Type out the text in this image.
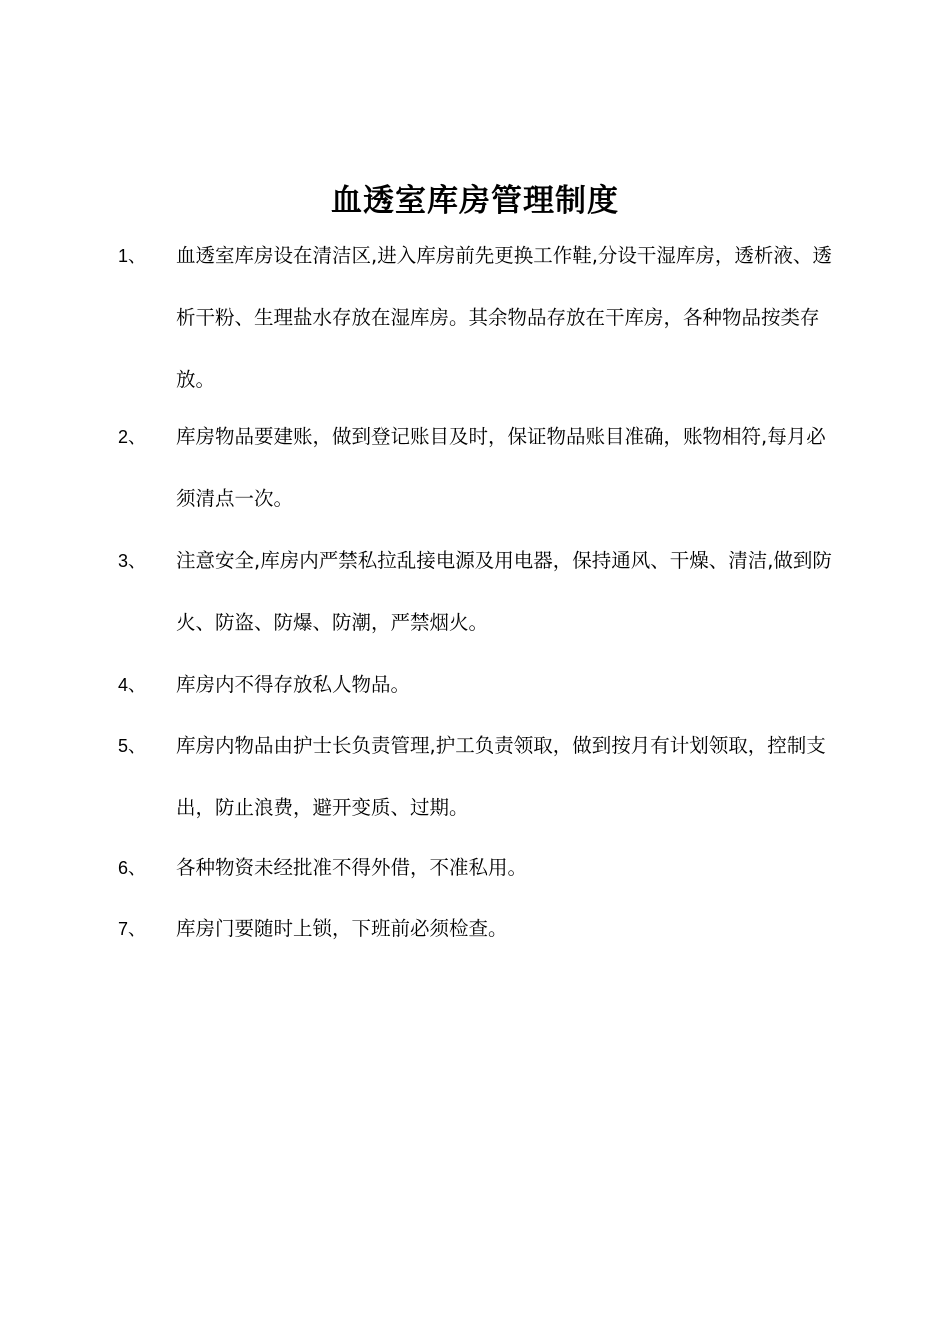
血透室库房管理制度
1、 血透室库房设在清洁区,进入库房前先更换工作鞋,分设干湿库房，透析液、透析干粉、生理盐水存放在湿库房。其余物品存放在干库房，各种物品按类存放。
2、 库房物品要建账，做到登记账目及时，保证物品账目准确，账物相符,每月必须清点一次。
3、 注意安全,库房内严禁私拉乱接电源及用电器，保持通风、干燥、清洁,做到防火、防盗、防爆、防潮，严禁烟火。
4、 库房内不得存放私人物品。
5、 库房内物品由护士长负责管理,护工负责领取，做到按月有计划领取，控制支出，防止浪费，避开变质、过期。
6、 各种物资未经批准不得外借，不准私用。
7、 库房门要随时上锁，下班前必须检查。
